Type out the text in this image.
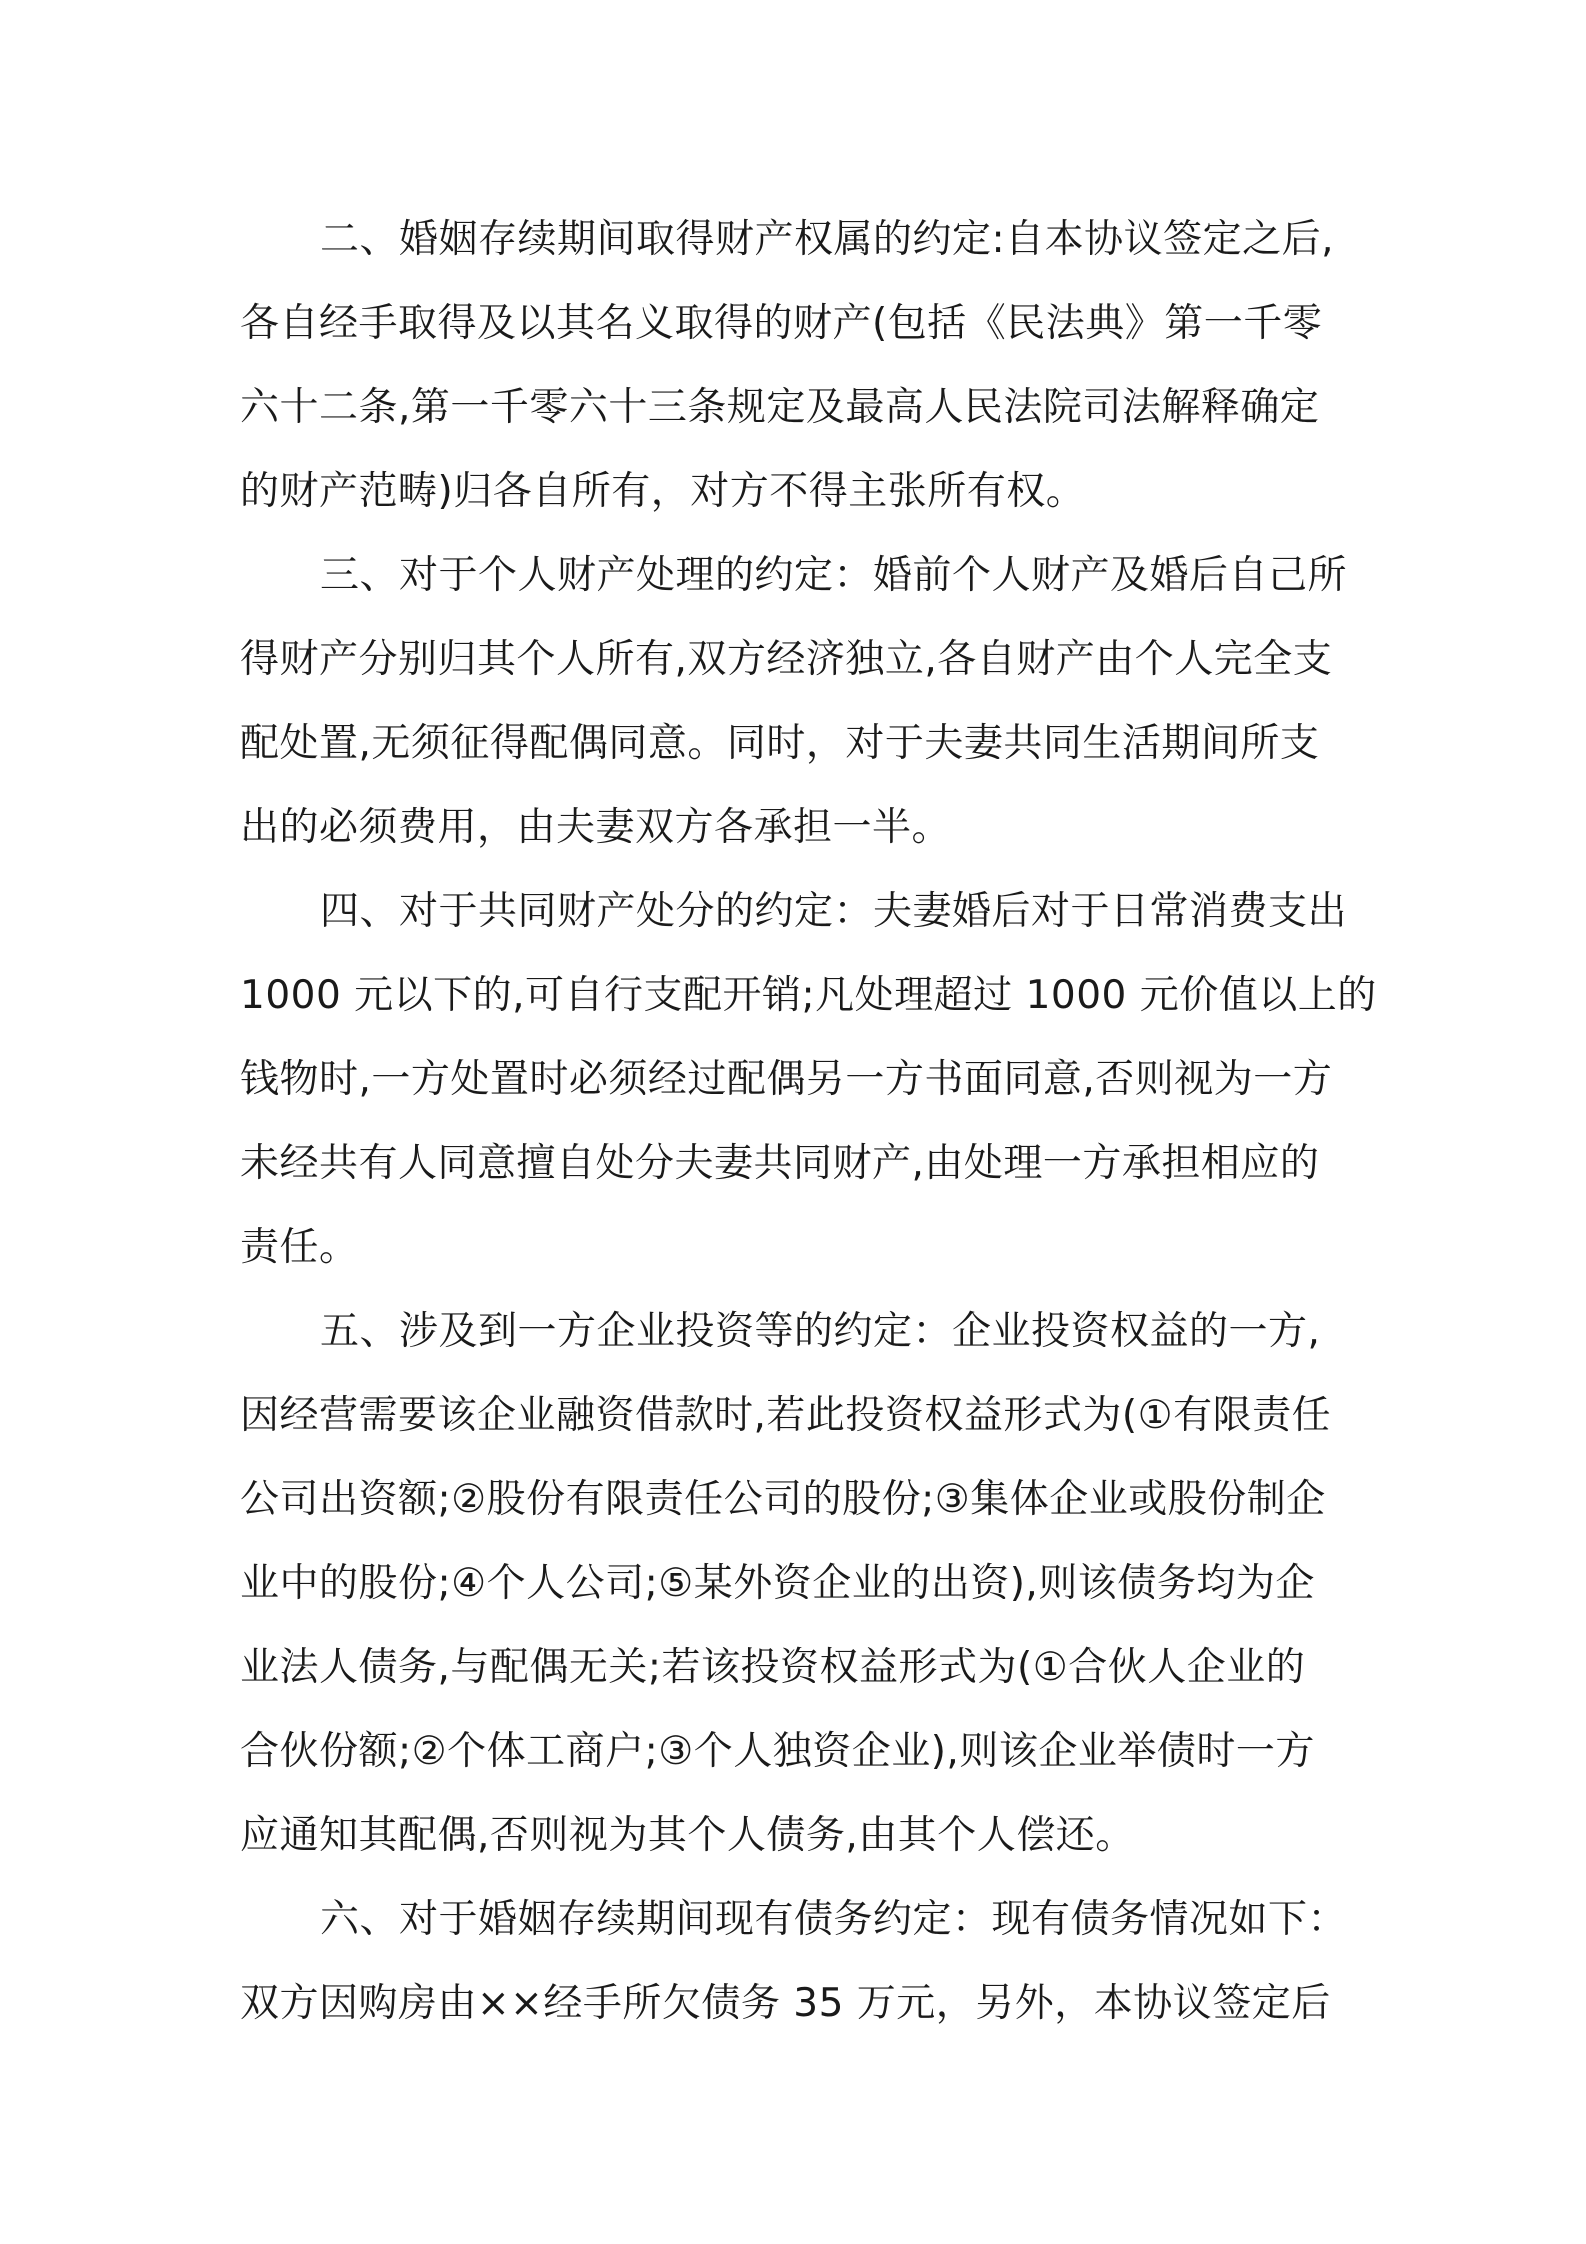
二、婚姻存续期间取得财产权属的约定:自本协议签定之后,
各自经手取得及以其名义取得的财产(包括《民法典》第一千零
六十二条,第一千零六十三条规定及最高人民法院司法解释确定
的财产范畴)归各自所有，对方不得主张所有权。
三、对于个人财产处理的约定：婚前个人财产及婚后自己所
得财产分别归其个人所有,双方经济独立,各自财产由个人完全支
配处置,无须征得配偶同意。同时，对于夫妻共同生活期间所支
出的必须费用，由夫妻双方各承担一半。
四、对于共同财产处分的约定：夫妻婚后对于日常消费支出
1000 元以下的,可自行支配开销;凡处理超过 1000 元价值以上的
钱物时,一方处置时必须经过配偶另一方书面同意,否则视为一方
未经共有人同意擅自处分夫妻共同财产,由处理一方承担相应的
责任。
五、涉及到一方企业投资等的约定：企业投资权益的一方,
因经营需要该企业融资借款时,若此投资权益形式为(①有限责任
公司出资额;②股份有限责任公司的股份;③集体企业或股份制企
业中的股份;④个人公司;⑤某外资企业的出资),则该债务均为企
业法人债务,与配偶无关;若该投资权益形式为(①合伙人企业的
合伙份额;②个体工商户;③个人独资企业),则该企业举债时一方
应通知其配偶,否则视为其个人债务,由其个人偿还。
六、对于婚姻存续期间现有债务约定：现有债务情况如下：
双方因购房由××经手所欠债务 35 万元，另外，本协议签定后
